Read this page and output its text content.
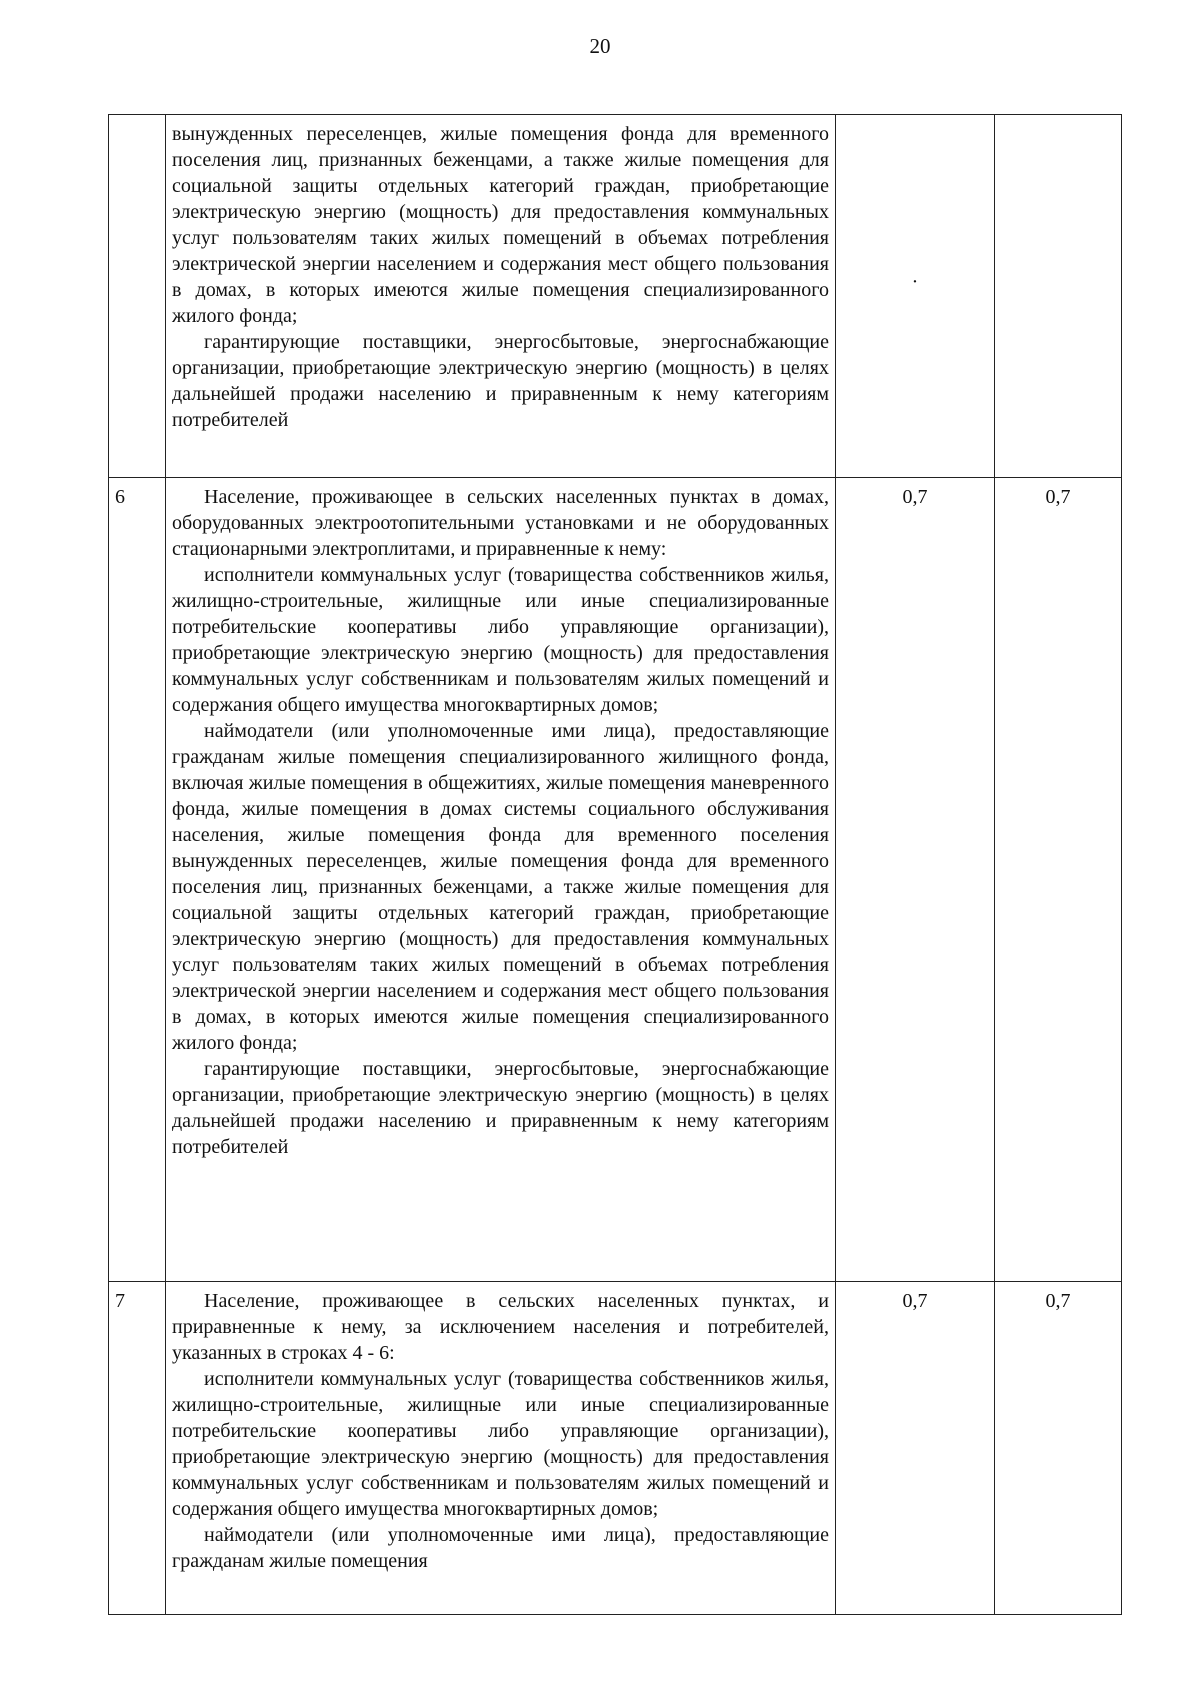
20

	вынужденных переселенцев, жилые помещения фонда для временного поселения лиц, признанных беженцами, а также жилые помещения для социальной защиты отдельных категорий граждан, приобретающие электрическую энергию (мощность) для предоставления коммунальных услуг пользователям таких жилых помещений в объемах потребления электрической энергии населением и содержания мест общего пользования в домах, в которых имеются жилые помещения специализированного жилого фонда;

гарантирующие поставщики, энергосбытовые, энергоснабжающие организации, приобретающие электрическую энергию (мощность) в целях дальнейшей продажи населению и приравненным к нему категориям потребителей	·	

6	Население, проживающее в сельских населенных пунктах в домах, оборудованных электроотопительными установками и не оборудованных стационарными электроплитами, и приравненные к нему:

исполнители коммунальных услуг (товарищества собственников жилья, жилищно-строительные, жилищные или иные специализированные потребительские кооперативы либо управляющие организации), приобретающие электрическую энергию (мощность) для предоставления коммунальных услуг собственникам и пользователям жилых помещений и содержания общего имущества многоквартирных домов;

наймодатели (или уполномоченные ими лица), предоставляющие гражданам жилые помещения специализированного жилищного фонда, включая жилые помещения в общежитиях, жилые помещения маневренного фонда, жилые помещения в домах системы социального обслуживания населения, жилые помещения фонда для временного поселения вынужденных переселенцев, жилые помещения фонда для временного поселения лиц, признанных беженцами, а также жилые помещения для социальной защиты отдельных категорий граждан, приобретающие электрическую энергию (мощность) для предоставления коммунальных услуг пользователям таких жилых помещений в объемах потребления электрической энергии населением и содержания мест общего пользования в домах, в которых имеются жилые помещения специализированного жилого фонда;

гарантирующие поставщики, энергосбытовые, энергоснабжающие организации, приобретающие электрическую энергию (мощность) в целях дальнейшей продажи населению и приравненным к нему категориям потребителей	0,7	0,7
7	Население, проживающее в сельских населенных пунктах, и приравненные к нему, за исключением населения и потребителей, указанных в строках 4 - 6:

исполнители коммунальных услуг (товарищества собственников жилья, жилищно-строительные, жилищные или иные специализированные потребительские кооперативы либо управляющие организации), приобретающие электрическую энергию (мощность) для предоставления коммунальных услуг собственникам и пользователям жилых помещений и содержания общего имущества многоквартирных домов;

наймодатели (или уполномоченные ими лица), предоставляющие гражданам жилые помещения	0,7	0,7
